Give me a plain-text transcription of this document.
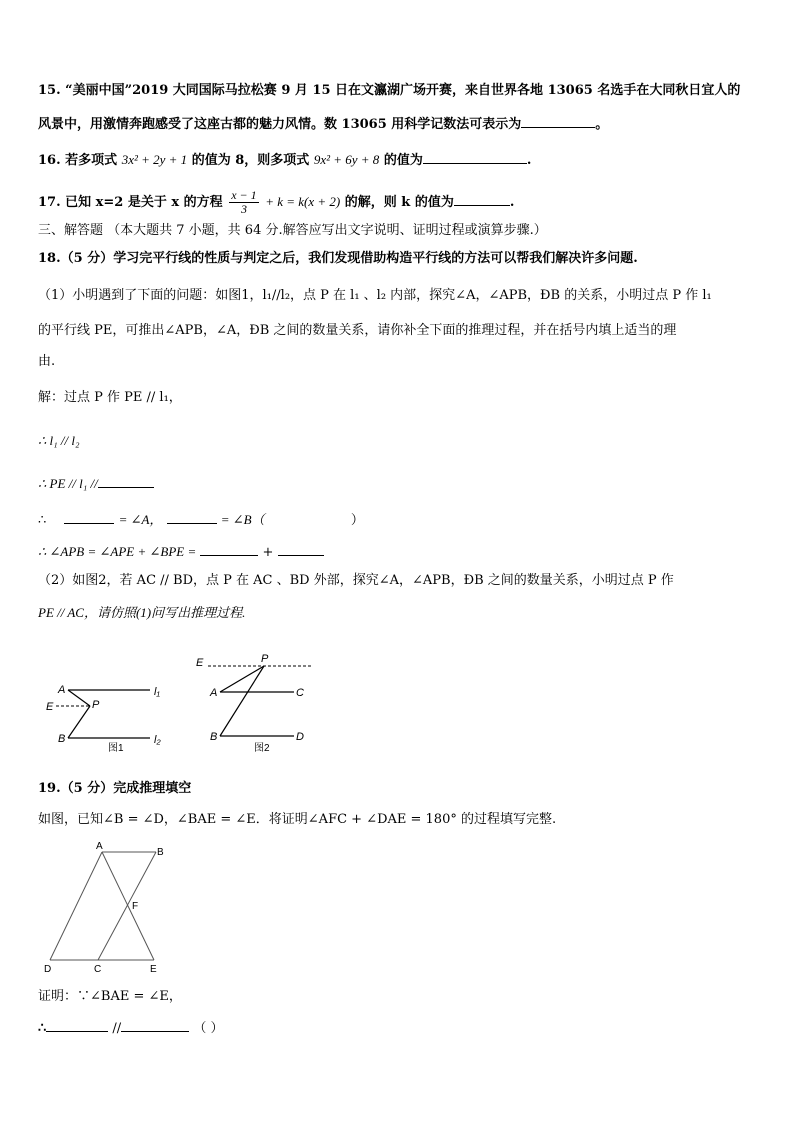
15. “美丽中国”2019 大同国际马拉松赛 9 月 15 日在文瀛湖广场开赛，来自世界各地 13065 名选手在大同秋日宜人的
风景中，用激情奔跑感受了这座古都的魅力风情。数 13065 用科学记数法可表示为	。
16. 若多项式 3x² + 2y + 1 的值为 8，则多项式 9x² + 6y + 8 的值为	.
17. 已知 x=2 是关于 x 的方程 $\frac{x - 1}{3} + k = k(x + 2)$ 的解，则 k 的值为	.
三、解答题 （本大题共 7 小题，共 64 分.解答应写出文字说明、证明过程或演算步骤.）
18.（5 分）学习完平行线的性质与判定之后，我们发现借助构造平行线的方法可以帮我们解决许多问题.
（1）小明遇到了下面的问题：如图1，l₁//l₂，点 P 在 l₁ 、l₂ 内部，探究∠A，∠APB，ÐB 的关系，小明过点 P 作 l₁
的平行线 PE，可推出∠APB，∠A，ÐB 之间的数量关系，请你补全下面的推理过程，并在括号内填上适当的理
由.
解：过点 P 作 PE // l₁，
∴ l₁ // l₂
∴ PE // l₁ //
∴	= ∠A，	= ∠B（	）
∴ ∠APB = ∠APE + ∠BPE =	+
（2）如图2，若 AC // BD，点 P 在 AC 、BD 外部，探究∠A，∠APB，ÐB 之间的数量关系，小明过点 P 作
PE // AC，请仿照(1)问写出推理过程.
A
E	P
B
l₁
l₂
图1
E	P
A	C
B	D
图2
19.（5 分）完成推理填空
如图，已知∠B = ∠D，∠BAE = ∠E．将证明∠AFC + ∠DAE = 180° 的过程填写完整.
A
B
F
D	C	E
证明：∵∠BAE = ∠E，
∴	//	（ ）
